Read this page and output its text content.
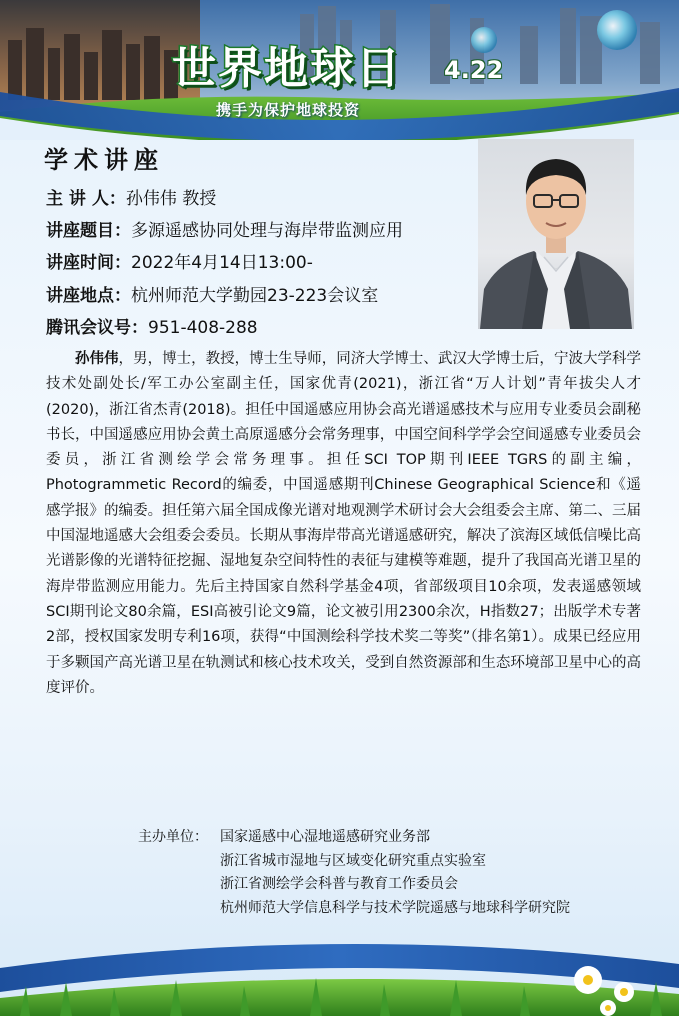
世界地球日 4.22
携手为保护地球投资
学术讲座
主 讲 人：孙伟伟 教授
讲座题目：多源遥感协同处理与海岸带监测应用
讲座时间：2022年4月14日13:00-
讲座地点：杭州师范大学勤园23-223会议室
腾讯会议号：951-408-288
孙伟伟，男，博士，教授，博士生导师，同济大学博士、武汉大学博士后，宁波大学科学技术处副处长/军工办公室副主任，国家优青(2021)，浙江省“万人计划”青年拔尖人才(2020)，浙江省杰青(2018)。担任中国遥感应用协会高光谱遥感技术与应用专业委员会副秘书长，中国遥感应用协会黄土高原遥感分会常务理事，中国空间科学学会空间遥感专业委员会委员，浙江省测绘学会常务理事。担任SCI TOP期刊IEEE TGRS的副主编，Photogrammetic Record的编委，中国遥感期刊Chinese Geographical Science和《遥感学报》的编委。担任第六届全国成像光谱对地观测学术研讨会大会组委会主席、第二、三届中国湿地遥感大会组委会委员。长期从事海岸带高光谱遥感研究，解决了滨海区域低信噪比高光谱影像的光谱特征挖掘、湿地复杂空间特性的表征与建模等难题，提升了我国高光谱卫星的海岸带监测应用能力。先后主持国家自然科学基金4项，省部级项目10余项，发表遥感领域SCI期刊论文80余篇，ESI高被引论文9篇，论文被引用2300余次，H指数27；出版学术专著2部，授权国家发明专利16项，获得“中国测绘科学技术奖二等奖”（排名第1）。成果已经应用于多颗国产高光谱卫星在轨测试和核心技术攻关，受到自然资源部和生态环境部卫星中心的高度评价。
主办单位： 国家遥感中心湿地遥感研究业务部
浙江省城市湿地与区域变化研究重点实验室
浙江省测绘学会科普与教育工作委员会
杭州师范大学信息科学与技术学院遥感与地球科学研究院
